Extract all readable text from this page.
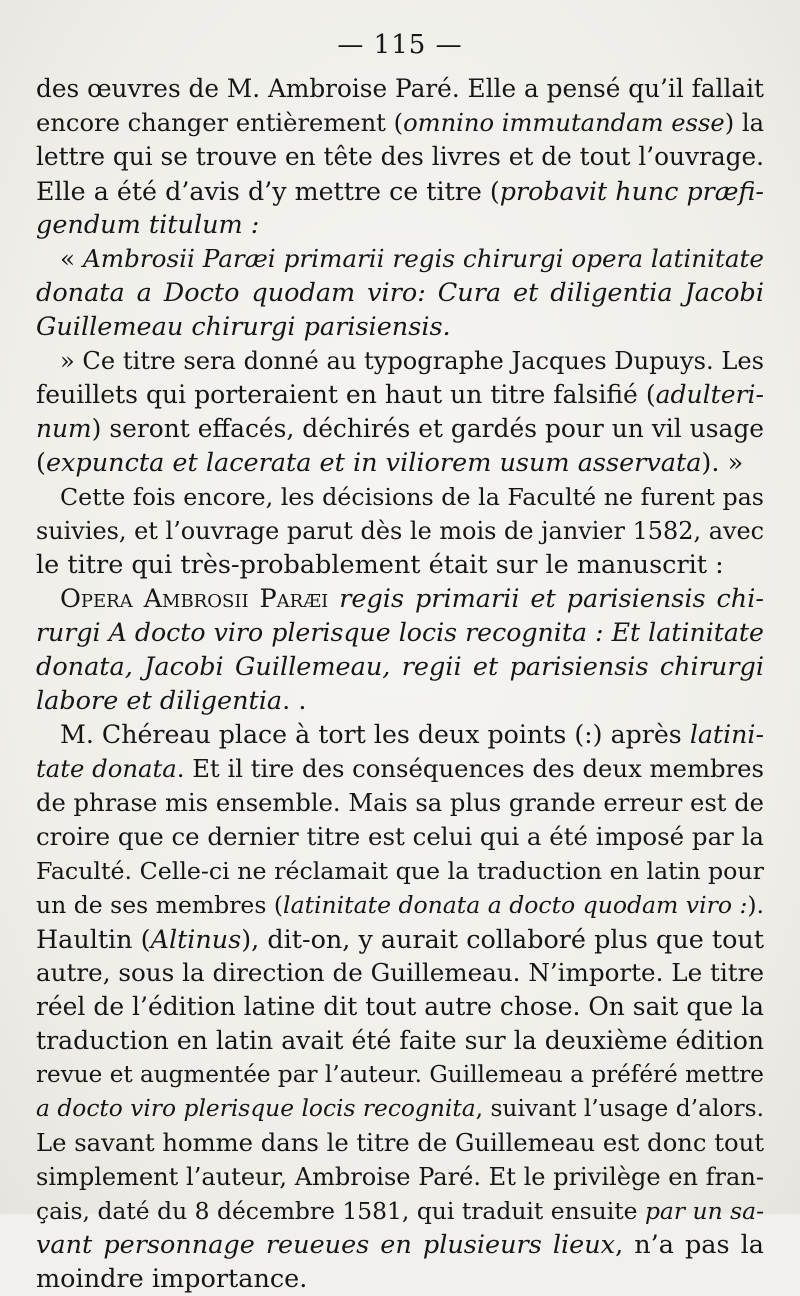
— 115 —
des œuvres de M. Ambroise Paré. Elle a pensé qu’il fallait
encore changer entièrement (omnino immutandam esse) la
lettre qui se trouve en tête des livres et de tout l’ouvrage.
Elle a été d’avis d’y mettre ce titre (probavit hunc præfi-
gendum titulum :
« Ambrosii Paræi primarii regis chirurgi opera latinitate
donata a Docto quodam viro: Cura et diligentia Jacobi
Guillemeau chirurgi parisiensis.
» Ce titre sera donné au typographe Jacques Dupuys. Les
feuillets qui porteraient en haut un titre falsifié (adulteri-
num) seront effacés, déchirés et gardés pour un vil usage
(expuncta et lacerata et in viliorem usum asservata). »
Cette fois encore, les décisions de la Faculté ne furent pas
suivies, et l’ouvrage parut dès le mois de janvier 1582, avec
le titre qui très-probablement était sur le manuscrit :
Opera Ambrosii Paræi regis primarii et parisiensis chi-
rurgi A docto viro plerisque locis recognita : Et latinitate
donata, Jacobi Guillemeau, regii et parisiensis chirurgi
labore et diligentia. .
M. Chéreau place à tort les deux points (:) après latini-
tate donata. Et il tire des conséquences des deux membres
de phrase mis ensemble. Mais sa plus grande erreur est de
croire que ce dernier titre est celui qui a été imposé par la
Faculté. Celle-ci ne réclamait que la traduction en latin pour
un de ses membres (latinitate donata a docto quodam viro :).
Haultin (Altinus), dit-on, y aurait collaboré plus que tout
autre, sous la direction de Guillemeau. N’importe. Le titre
réel de l’édition latine dit tout autre chose. On sait que la
traduction en latin avait été faite sur la deuxième édition
revue et augmentée par l’auteur. Guillemeau a préféré mettre
a docto viro plerisque locis recognita, suivant l’usage d’alors.
Le savant homme dans le titre de Guillemeau est donc tout
simplement l’auteur, Ambroise Paré. Et le privilège en fran-
çais, daté du 8 décembre 1581, qui traduit ensuite par un sa-
vant personnage reueues en plusieurs lieux, n’a pas la
moindre importance.
